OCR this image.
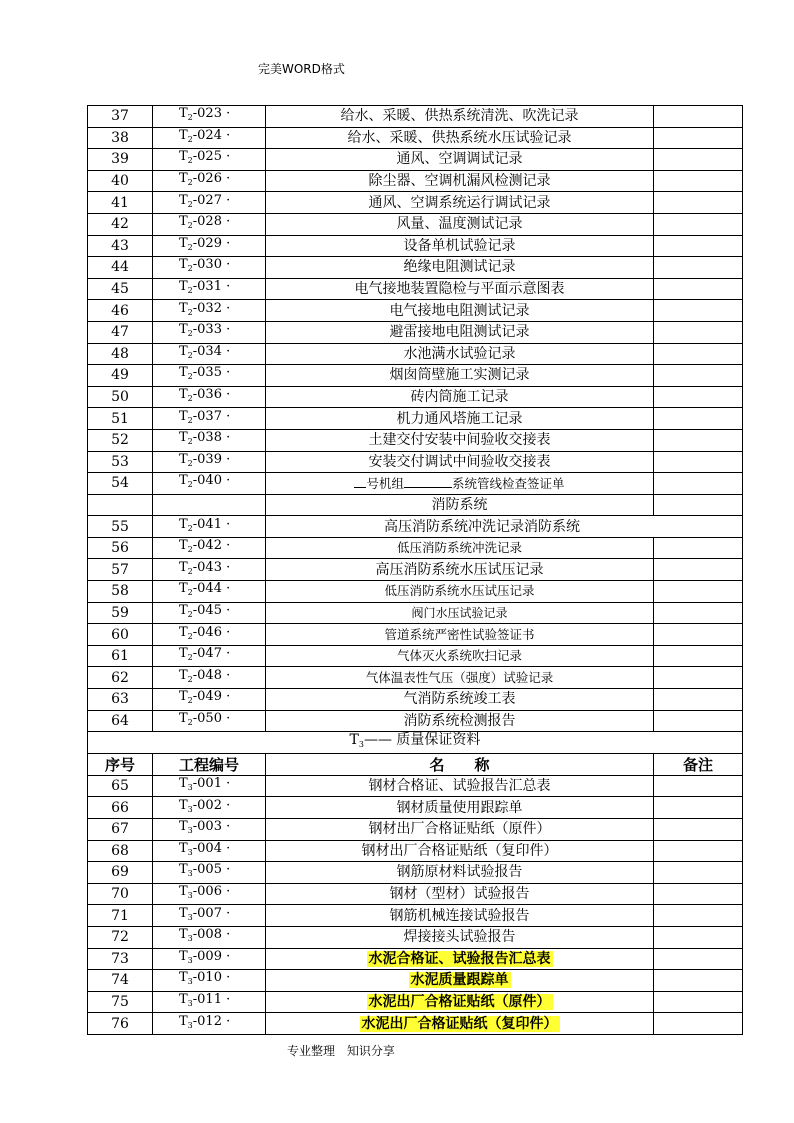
完美WORD格式
37	$T_2-023$ ·	给水、采暖、供热系统清洗、吹洗记录	
38	$T_2-024$ ·	给水、采暖、供热系统水压试验记录	
39	$T_2-025$ ·	通风、空调调试记录	
40	$T_2-026$ ·	除尘器、空调机漏风检测记录	
41	$T_2-027$ ·	通风、空调系统运行调试记录	
42	$T_2-028$ ·	风量、温度测试记录	
43	$T_2-029$ ·	设备单机试验记录	
44	$T_2-030$ ·	绝缘电阻测试记录	
45	$T_2-031$ ·	电气接地装置隐检与平面示意图表	
46	$T_2-032$ ·	电气接地电阻测试记录	
47	$T_2-033$ ·	避雷接地电阻测试记录	
48	$T_2-034$ ·	水池满水试验记录	
49	$T_2-035$ ·	烟囱筒壁施工实测记录	
50	$T_2-036$ ·	砖内筒施工记录	
51	$T_2-037$ ·	机力通风塔施工记录	
52	$T_2-038$ ·	土建交付安装中间验收交接表	
53	$T_2-039$ ·	安装交付调试中间验收交接表	
54	$T_2-040$ ·	号机组 系统管线检查签证单	
		消防系统	
55	$T_2-041$ ·	高压消防系统冲洗记录消防系统	
56	$T_2-042$ ·	低压消防系统冲洗记录	
57	$T_2-043$ ·	高压消防系统水压试压记录	
58	$T_2-044$ ·	低压消防系统水压试压记录	
59	$T_2-045$ ·	阀门水压试验记录	
60	$T_2-046$ ·	管道系统严密性试验签证书	
61	$T_2-047$ ·	气体灭火系统吹扫记录	
62	$T_2-048$ ·	气体温表性气压（强度）试验记录	
63	$T_2-049$ ·	气消防系统竣工表	
64	$T_2-050$ ·	消防系统检测报告	
$T_3——$ 质量保证资料			
序号	工程编号	名　　称	备注
65	$T_3-001$ ·	钢材合格证、试验报告汇总表	
66	$T_3-002$ ·	钢材质量使用跟踪单	
67	$T_3-003$ ·	钢材出厂合格证贴纸（原件）	
68	$T_3-004$ ·	钢材出厂合格证贴纸（复印件）	
69	$T_3-005$ ·	钢筋原材料试验报告	
70	$T_3-006$ ·	钢材（型材）试验报告	
71	$T_3-007$ ·	钢筋机械连接试验报告	
72	$T_3-008$ ·	焊接接头试验报告	
73	$T_3-009$ ·	水泥合格证、试验报告汇总表	
74	$T_3-010$ ·	水泥质量跟踪单	
75	$T_3-011$ ·	水泥出厂合格证贴纸（原件）	
76	$T_3-012$ ·	水泥出厂合格证贴纸（复印件）	
专业整理 知识分享
